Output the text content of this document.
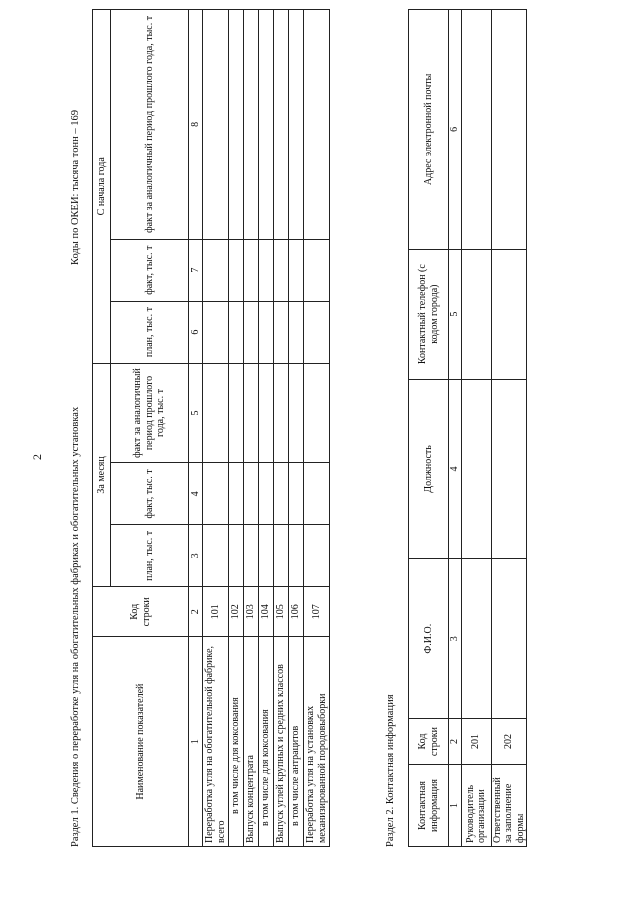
2 Раздел 1. Сведения о переработке угля на обогатительных фабриках и обогатительных установках
Коды по ОКЕИ: тысяча тонн – 169
Наименование показателей	Код строки	За месяц			С начала года		
		план, тыс. т	факт, тыс. т	факт за аналогичный период прошлого года, тыс. т	план, тыс. т	факт, тыс. т	факт за аналогичный период прошлого года, тыс. т
1	2	3	4	5	6	7	8
Переработка угля на обогатительной фабрике, всего	101						
в том числе для коксования	102						
Выпуск концентрата	103						
в том числе для коксования	104						
Выпуск углей крупных и средних классов	105						
в том числе антрацитов	106						
Переработка угля на установках механизированной породовыборки	107						
Раздел 2. Контактная информация Контактная информация	Код строки	Ф.И.О.	Должность	Контактный телефон (с кодом города)	Адрес электронной почты
1	2	3	4	5	6
Руководитель организации	201				
Ответственный за заполнение формы	202				
